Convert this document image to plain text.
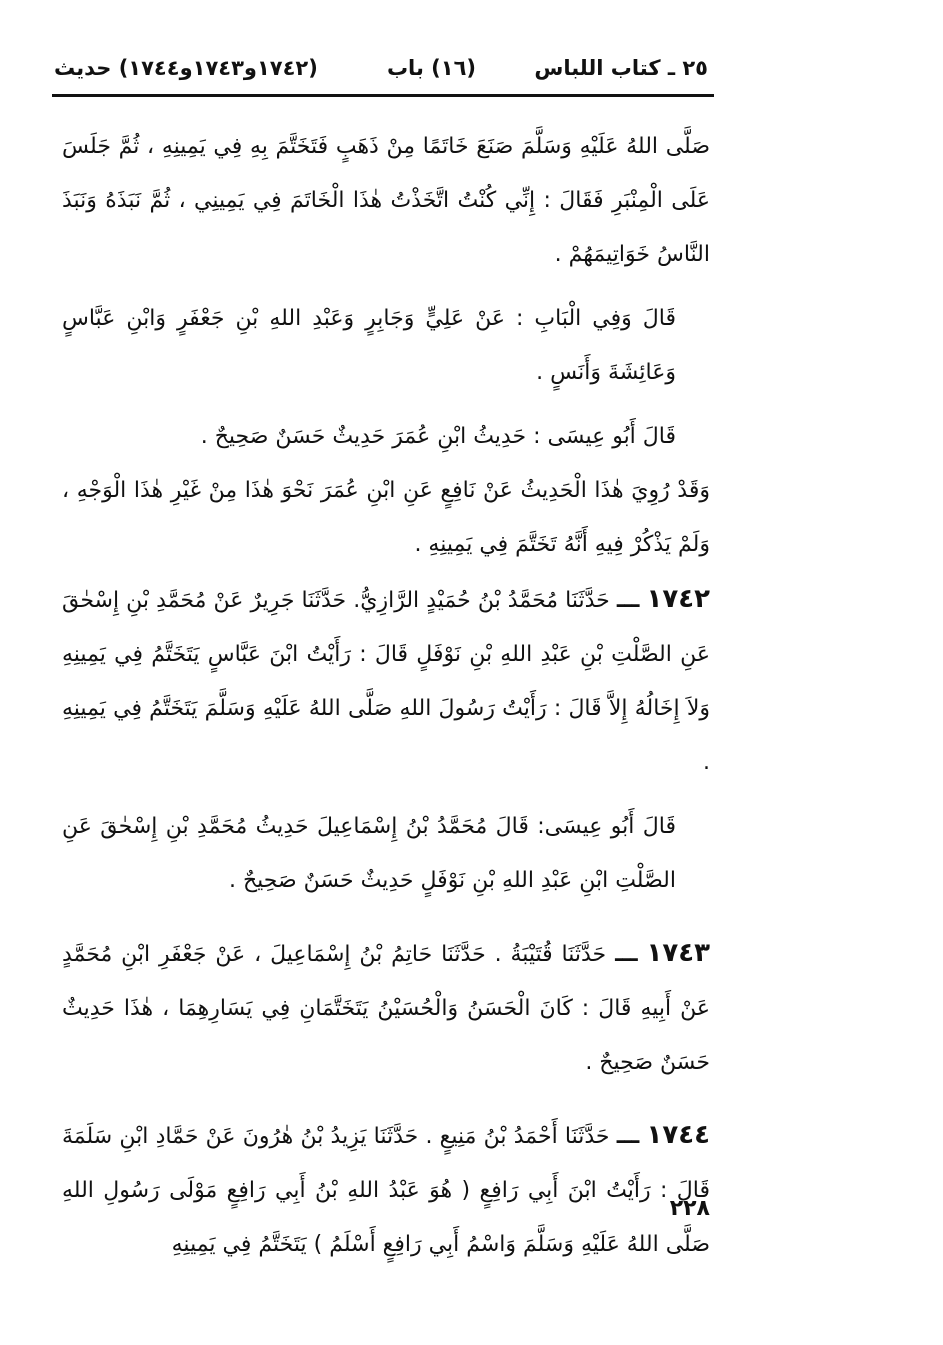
٢٥ ـ كتاب اللباس
(١٦) باب
(١٧٤٢و١٧٤٣و١٧٤٤) حديث

صَلَّى اللهُ عَلَيْهِ وَسَلَّمَ صَنَعَ خَاتَمًا مِنْ ذَهَبٍ فَتَخَتَّمَ بِهِ فِي يَمِينِهِ ، ثُمَّ جَلَسَ عَلَى الْمِنْبَرِ فَقَالَ : إِنِّي كُنْتُ اتَّخَذْتُ هٰذَا الْخَاتَمَ فِي يَمِينِي ، ثُمَّ نَبَذَهُ وَنَبَذَ النَّاسُ خَوَاتِيمَهُمْ .

قَالَ وَفِي الْبَابِ : عَنْ عَلِيٍّ وَجَابِرٍ وَعَبْدِ اللهِ بْنِ جَعْفَرٍ وَابْنِ عَبَّاسٍ وَعَائِشَةَ وَأَنَسٍ .

قَالَ أَبُو عِيسَى : حَدِيثُ ابْنِ عُمَرَ حَدِيثٌ حَسَنٌ صَحِيحٌ .

وَقَدْ رُوِيَ هٰذَا الْحَدِيثُ عَنْ نَافِعٍ عَنِ ابْنِ عُمَرَ نَحْوَ هٰذَا مِنْ غَيْرِ هٰذَا الْوَجْهِ ، وَلَمْ يَذْكُرْ فِيهِ أَنَّهُ تَخَتَّمَ فِي يَمِينِهِ .

١٧٤٢ ـــ حَدَّثَنَا مُحَمَّدُ بْنُ حُمَيْدٍ الرَّازِيُّ. حَدَّثَنَا جَرِيرٌ عَنْ مُحَمَّدِ بْنِ إِسْحٰقَ عَنِ الصَّلْتِ بْنِ عَبْدِ اللهِ بْنِ نَوْفَلٍ قَالَ : رَأَيْتُ ابْنَ عَبَّاسٍ يَتَخَتَّمُ فِي يَمِينِهِ وَلاَ إِخَالُهُ إِلاَّ قَالَ : رَأَيْتُ رَسُولَ اللهِ صَلَّى اللهُ عَلَيْهِ وَسَلَّمَ يَتَخَتَّمُ فِي يَمِينِهِ .

قَالَ أَبُو عِيسَى: قَالَ مُحَمَّدُ بْنُ إِسْمَاعِيلَ حَدِيثُ مُحَمَّدِ بْنِ إِسْحٰقَ عَنِ الصَّلْتِ ابْنِ عَبْدِ اللهِ بْنِ نَوْفَلٍ حَدِيثٌ حَسَنٌ صَحِيحٌ .

١٧٤٣ ـــ حَدَّثَنَا قُتَيْبَةُ . حَدَّثَنَا حَاتِمُ بْنُ إِسْمَاعِيلَ ، عَنْ جَعْفَرِ ابْنِ مُحَمَّدٍ عَنْ أَبِيهِ قَالَ : كَانَ الْحَسَنُ وَالْحُسَيْنُ يَتَخَتَّمَانِ فِي يَسَارِهِمَا ، هٰذَا حَدِيثٌ حَسَنٌ صَحِيحٌ .

١٧٤٤ ـــ حَدَّثَنَا أَحْمَدُ بْنُ مَنِيعٍ . حَدَّثَنَا يَزِيدُ بْنُ هٰرُونَ عَنْ حَمَّادِ ابْنِ سَلَمَةَ قَالَ : رَأَيْتُ ابْنَ أَبِي رَافِعٍ ( هُوَ عَبْدُ اللهِ بْنُ أَبِي رَافِعٍ مَوْلَى رَسُولِ اللهِ صَلَّى اللهُ عَلَيْهِ وَسَلَّمَ وَاسْمُ أَبِي رَافِعٍ أَسْلَمُ ) يَتَخَتَّمُ فِي يَمِينِهِ

٢٢٨
